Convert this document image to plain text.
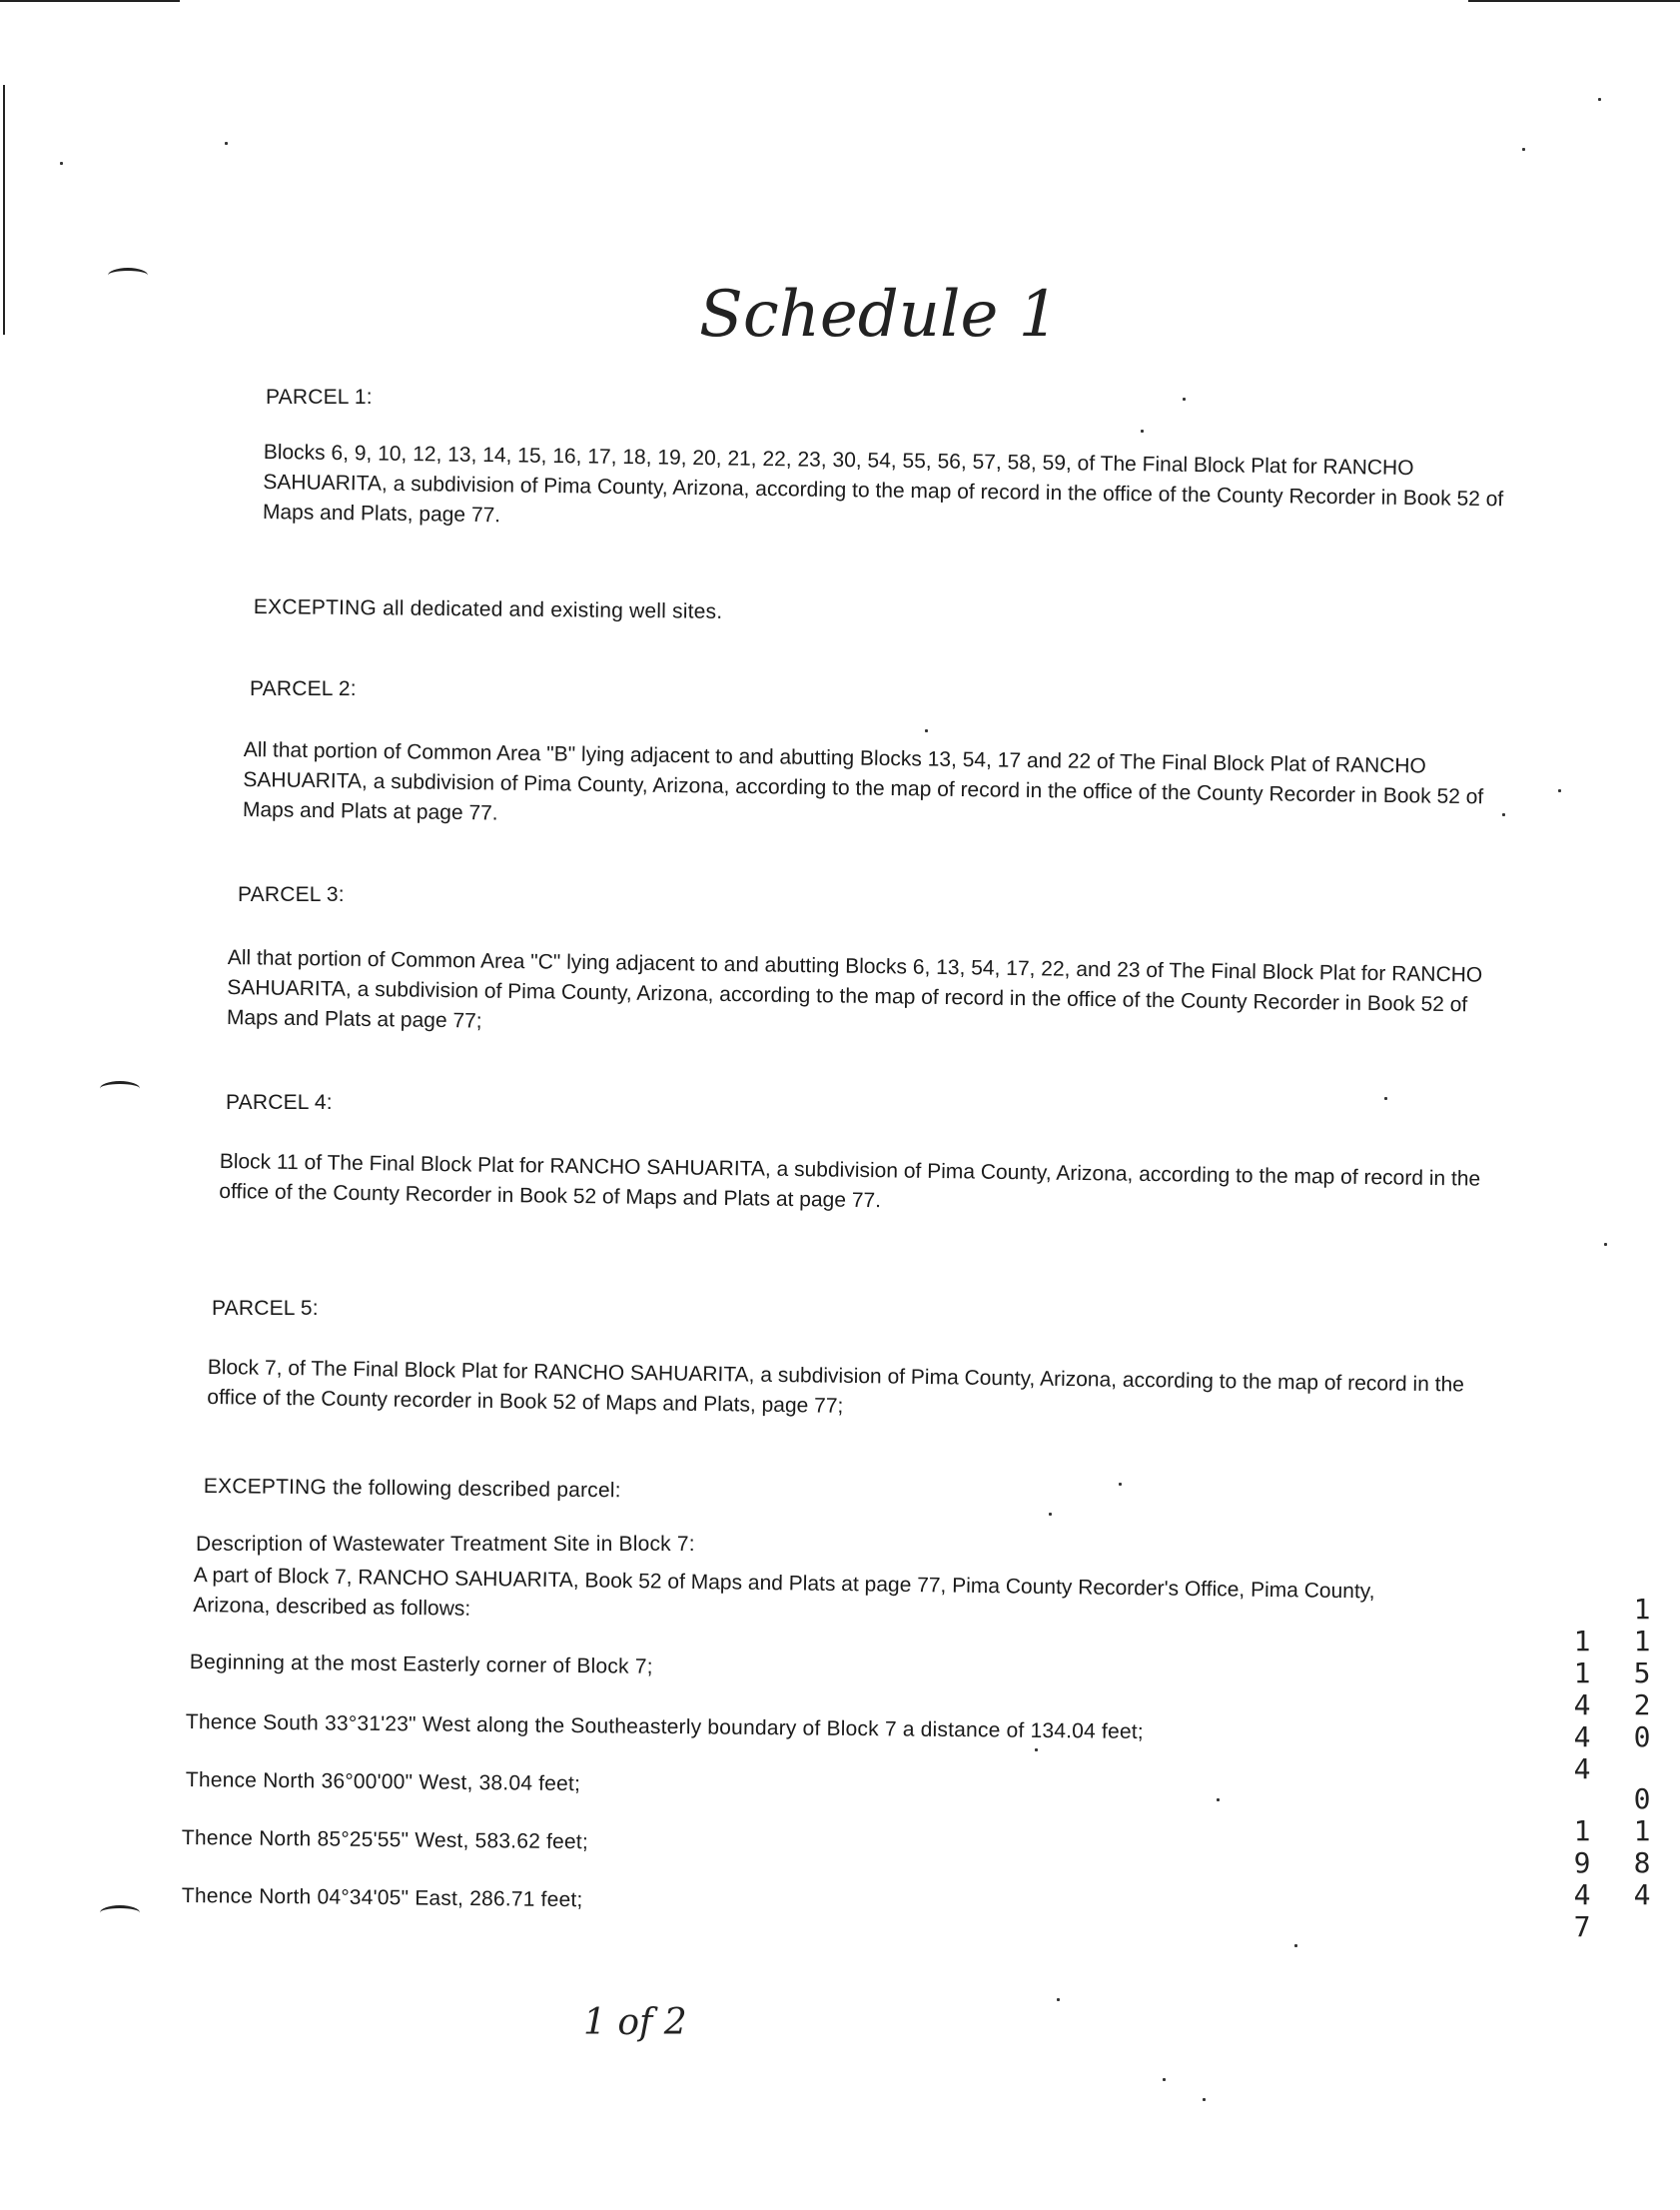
Schedule 1
PARCEL 1:
Blocks 6, 9, 10, 12, 13, 14, 15, 16, 17, 18, 19, 20, 21, 22, 23, 30, 54, 55, 56, 57, 58, 59, of The Final Block Plat for RANCHO SAHUARITA, a subdivision of Pima County, Arizona, according to the map of record in the office of the County Recorder in Book 52 of Maps and Plats, page 77.
EXCEPTING all dedicated and existing well sites.
PARCEL 2:
All that portion of Common Area "B" lying adjacent to and abutting Blocks 13, 54, 17 and 22 of The Final Block Plat of RANCHO SAHUARITA, a subdivision of Pima County, Arizona, according to the map of record in the office of the County Recorder in Book 52 of Maps and Plats at page 77.
PARCEL 3:
All that portion of Common Area "C" lying adjacent to and abutting Blocks 6, 13, 54, 17, 22, and 23 of The Final Block Plat for RANCHO SAHUARITA, a subdivision of Pima County, Arizona, according to the map of record in the office of the County Recorder in Book 52 of Maps and Plats at page 77;
PARCEL 4:
Block 11 of The Final Block Plat for RANCHO SAHUARITA, a subdivision of Pima County, Arizona, according to the map of record in the office of the County Recorder in Book 52 of Maps and Plats at page 77.
PARCEL 5:
Block 7, of The Final Block Plat for RANCHO SAHUARITA, a subdivision of Pima County, Arizona, according to the map of record in the office of the County recorder in Book 52 of Maps and Plats, page 77;
EXCEPTING the following described parcel:
Description of Wastewater Treatment Site in Block 7:
A part of Block 7, RANCHO SAHUARITA, Book 52 of Maps and Plats at page 77, Pima County Recorder's Office, Pima County, Arizona, described as follows:
Beginning at the most Easterly corner of Block 7;
Thence South 33°31'23" West along the Southeasterly boundary of Block 7 a distance of 134.04 feet;
Thence North 36°00'00" West, 38.04 feet;
Thence North 85°25'55" West, 583.62 feet;
Thence North 04°34'05" East, 286.71 feet;
1 of 2
1
1
4
4
4
1
9
4
7
1
1
5
2
0
0
1
8
4
